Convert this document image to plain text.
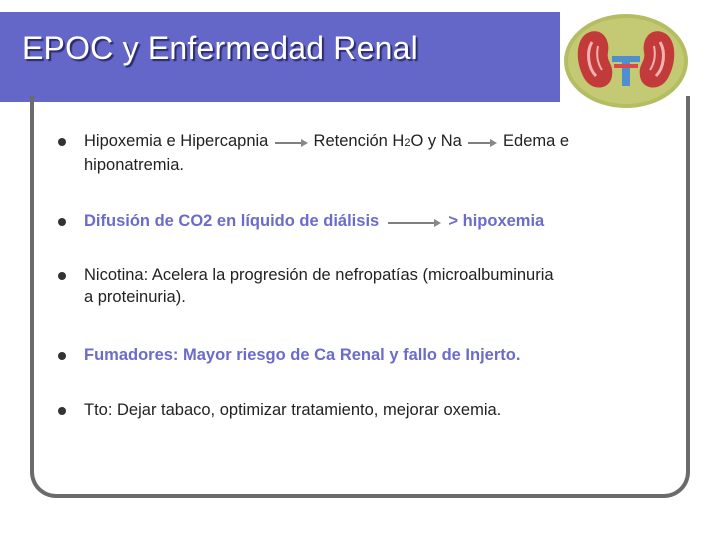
EPOC y Enfermedad Renal
Hipoxemia e Hipercapnia	Retención H2O y Na Edema e
hiponatremia.
Difusión de CO2 en líquido de diálisis	> hipoxemia
Nicotina: Acelera la progresión de nefropatías (microalbuminuria
a proteinuria).
Fumadores: Mayor riesgo de Ca Renal y fallo de Injerto.
Tto: Dejar tabaco, optimizar tratamiento, mejorar oxemia.
